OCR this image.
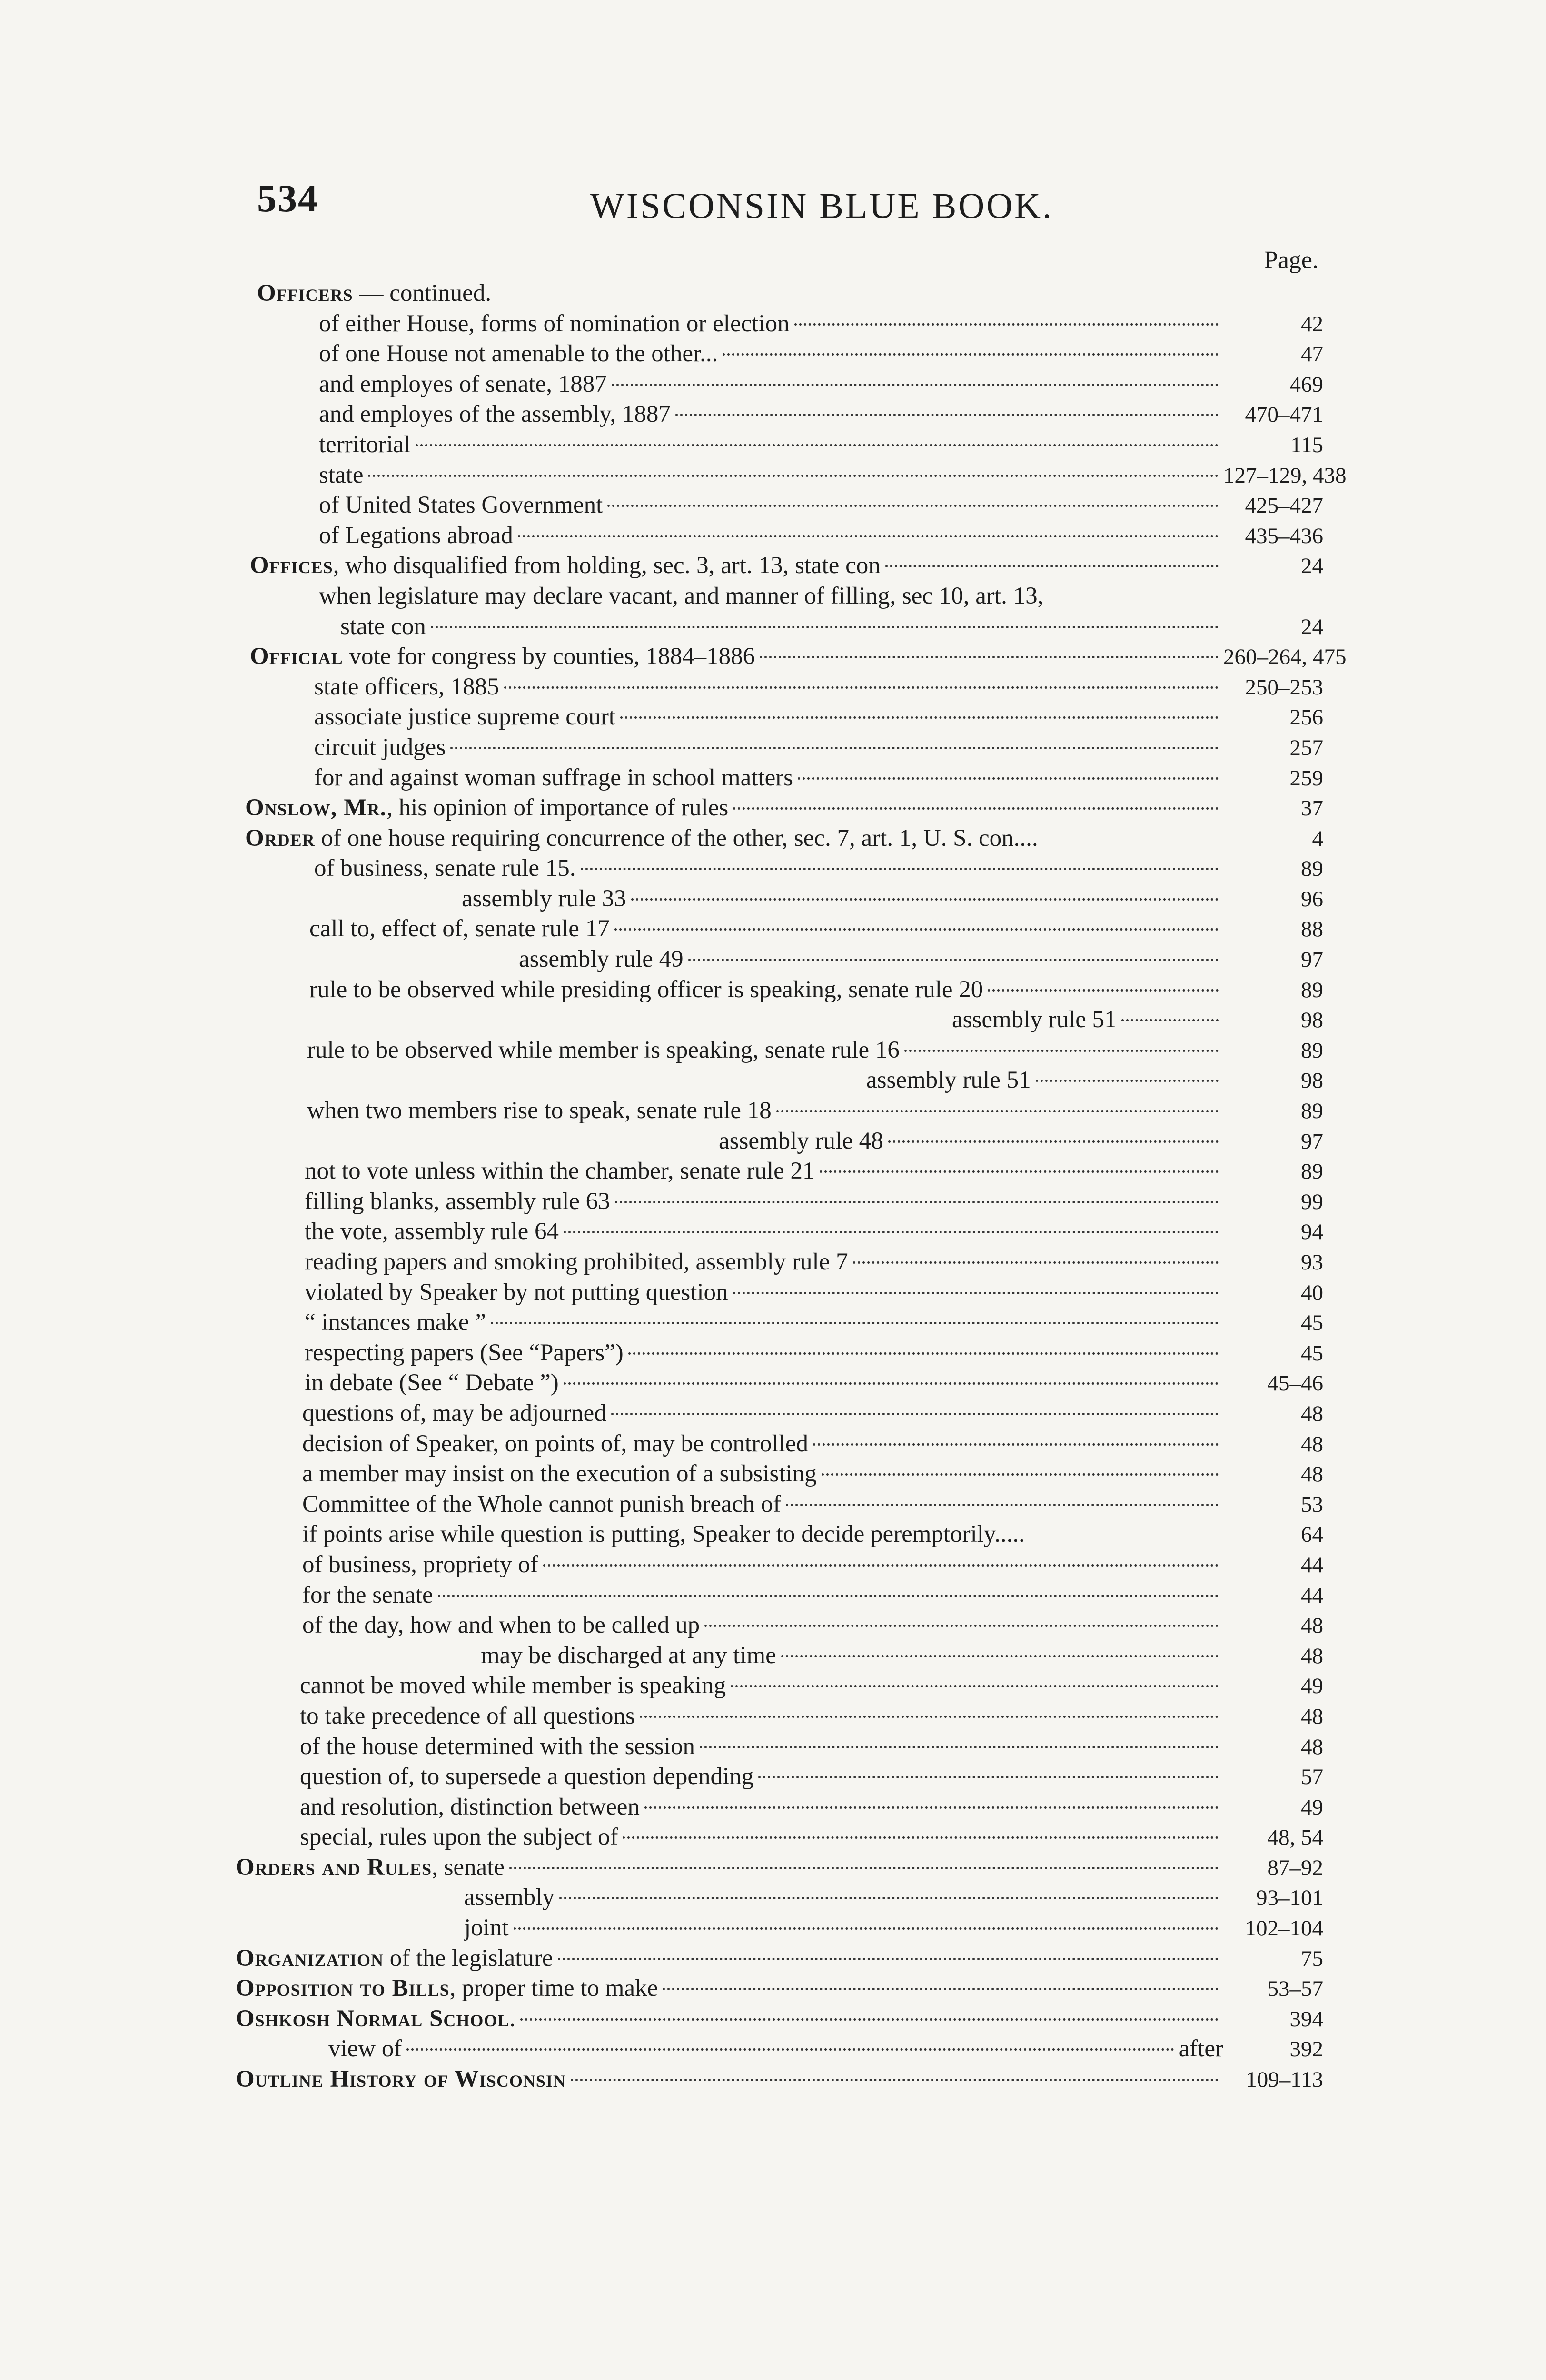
534	WISCONSIN BLUE BOOK.
Page.
Officers — continued.
of either House, forms of nomination or election	42
of one House not amenable to the other...	47
and employes of senate, 1887	469
and employes of the assembly, 1887	470–471
territorial	115
state	127–129, 438
of United States Government	425–427
of Legations abroad	435–436
Offices, who disqualified from holding, sec. 3, art. 13, state con	24
when legislature may declare vacant, and manner of filling, sec 10, art. 13,
state con	24
Official vote for congress by counties, 1884–1886	260–264, 475
state officers, 1885	250–253
associate justice supreme court	256
circuit judges	257
for and against woman suffrage in school matters	259
Onslow, Mr., his opinion of importance of rules	37
Order of one house requiring concurrence of the other, sec. 7, art. 1, U. S. con....	4
of business, senate rule 15.	89
assembly rule 33	96
call to, effect of, senate rule 17	88
assembly rule 49	97
rule to be observed while presiding officer is speaking, senate rule 20	89
assembly rule 51	98
rule to be observed while member is speaking, senate rule 16	89
assembly rule 51	98
when two members rise to speak, senate rule 18	89
assembly rule 48	97
not to vote unless within the chamber, senate rule 21	89
filling blanks, assembly rule 63	99
the vote, assembly rule 64	94
reading papers and smoking prohibited, assembly rule 7	93
violated by Speaker by not putting question	40
“ instances make ”	45
respecting papers (See “Papers”)	45
in debate (See “ Debate ”)	45–46
questions of, may be adjourned	48
decision of Speaker, on points of, may be controlled	48
a member may insist on the execution of a subsisting	48
Committee of the Whole cannot punish breach of	53
if points arise while question is putting, Speaker to decide peremptorily.....	64
of business, propriety of	44
for the senate	44
of the day, how and when to be called up	48
may be discharged at any time	48
cannot be moved while member is speaking	49
to take precedence of all questions	48
of the house determined with the session	48
question of, to supersede a question depending	57
and resolution, distinction between	49
special, rules upon the subject of	48, 54
Orders and Rules, senate	87–92
assembly	93–101
joint	102–104
Organization of the legislature	75
Opposition to Bills, proper time to make	53–57
Oshkosh Normal School.	394
view of	after	392
Outline History of Wisconsin	109–113
